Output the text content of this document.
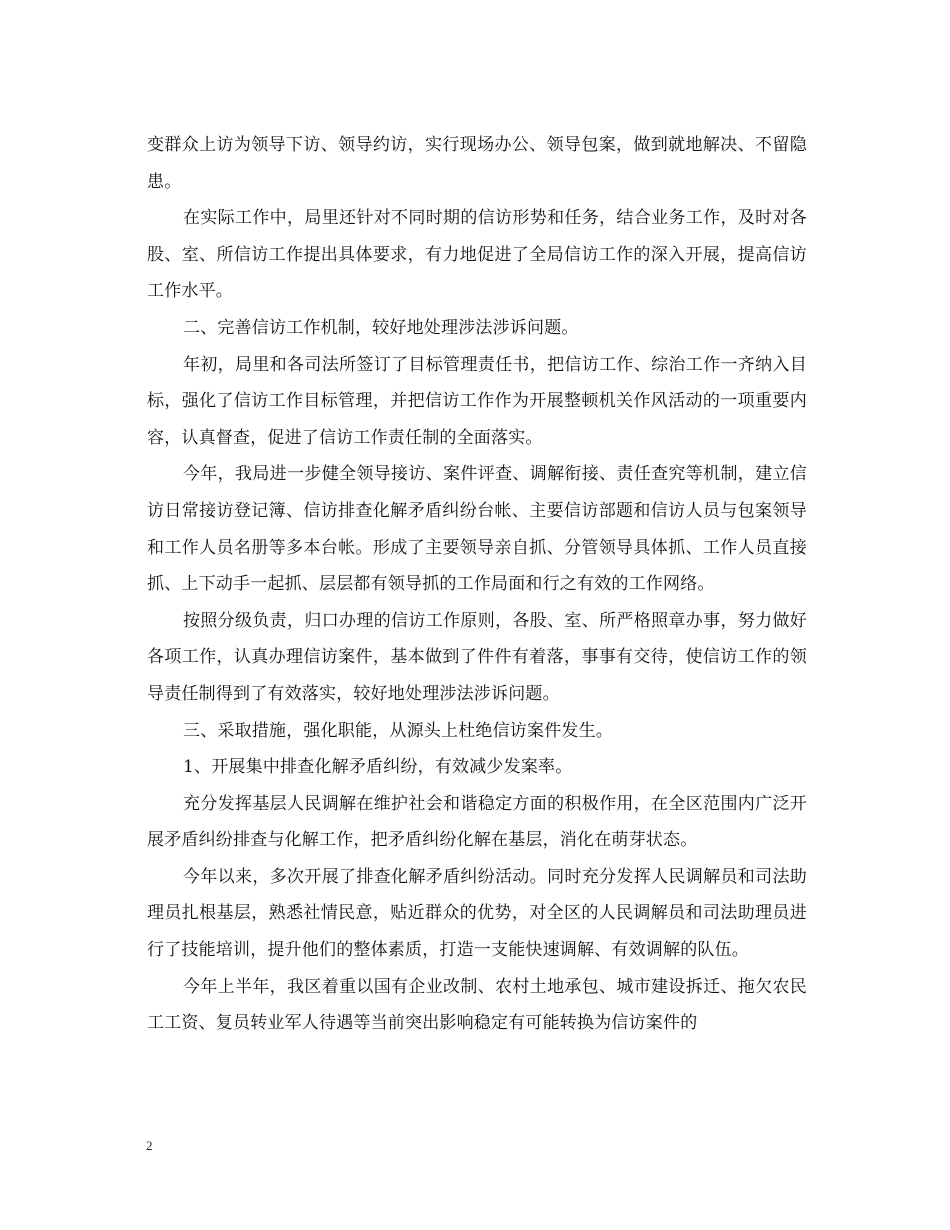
变群众上访为领导下访、领导约访，实行现场办公、领导包案，做到就地解决、不留隐患。

在实际工作中，局里还针对不同时期的信访形势和任务，结合业务工作，及时对各股、室、所信访工作提出具体要求，有力地促进了全局信访工作的深入开展，提高信访工作水平。

二、完善信访工作机制，较好地处理涉法涉诉问题。

年初，局里和各司法所签订了目标管理责任书，把信访工作、综治工作一齐纳入目标，强化了信访工作目标管理，并把信访工作作为开展整顿机关作风活动的一项重要内容，认真督查，促进了信访工作责任制的全面落实。

今年，我局进一步健全领导接访、案件评查、调解衔接、责任查究等机制，建立信访日常接访登记簿、信访排查化解矛盾纠纷台帐、主要信访部题和信访人员与包案领导和工作人员名册等多本台帐。形成了主要领导亲自抓、分管领导具体抓、工作人员直接抓、上下动手一起抓、层层都有领导抓的工作局面和行之有效的工作网络。

按照分级负责，归口办理的信访工作原则，各股、室、所严格照章办事，努力做好各项工作，认真办理信访案件，基本做到了件件有着落，事事有交待，使信访工作的领导责任制得到了有效落实，较好地处理涉法涉诉问题。

三、采取措施，强化职能，从源头上杜绝信访案件发生。

1、开展集中排查化解矛盾纠纷，有效减少发案率。

充分发挥基层人民调解在维护社会和谐稳定方面的积极作用，在全区范围内广泛开展矛盾纠纷排查与化解工作，把矛盾纠纷化解在基层，消化在萌芽状态。

今年以来，多次开展了排查化解矛盾纠纷活动。同时充分发挥人民调解员和司法助理员扎根基层，熟悉社情民意，贴近群众的优势，对全区的人民调解员和司法助理员进行了技能培训，提升他们的整体素质，打造一支能快速调解、有效调解的队伍。

今年上半年，我区着重以国有企业改制、农村土地承包、城市建设拆迁、拖欠农民工工资、复员转业军人待遇等当前突出影响稳定有可能转换为信访案件的

2
